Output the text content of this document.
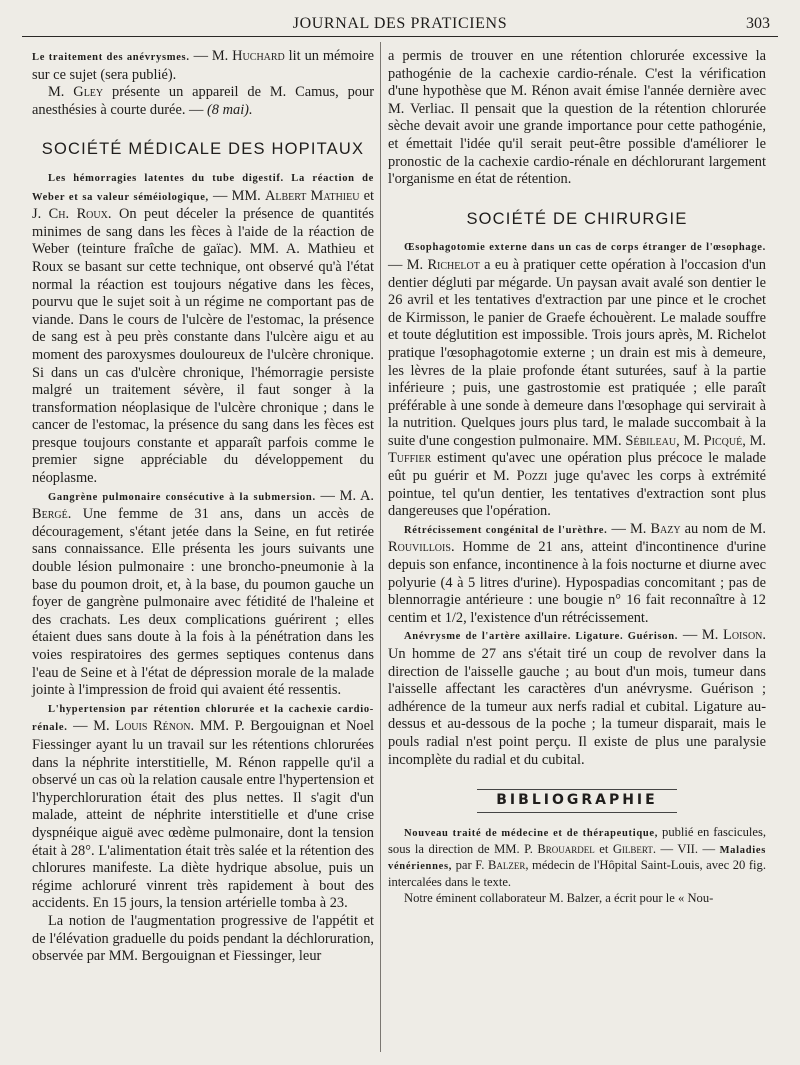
JOURNAL DES PRATICIENS	303

Le traitement des anévrysmes. — M. Huchard lit un mémoire sur ce sujet (sera publié).

M. Gley présente un appareil de M. Camus, pour anesthésies à courte durée. — (8 mai).

SOCIÉTÉ MÉDICALE DES HOPITAUX

Les hémorragies latentes du tube digestif. La réaction de Weber et sa valeur séméiologique, — MM. Albert Mathieu et J. Ch. Roux. On peut déceler la présence de quantités minimes de sang dans les fèces à l'aide de la réaction de Weber (teinture fraîche de gaïac). MM. A. Mathieu et Roux se basant sur cette technique, ont observé qu'à l'état normal la réaction est toujours négative dans les fèces, pourvu que le sujet soit à un régime ne comportant pas de viande. Dans le cours de l'ulcère de l'estomac, la présence de sang est à peu près constante dans l'ulcère aigu et au moment des paroxysmes douloureux de l'ulcère chronique. Si dans un cas d'ulcère chronique, l'hémorragie persiste malgré un traitement sévère, il faut songer à la transformation néoplasique de l'ulcère chronique ; dans le cancer de l'estomac, la présence du sang dans les fèces est presque toujours constante et apparaît parfois comme le premier signe appréciable du développement du néoplasme.

Gangrène pulmonaire consécutive à la submersion. — M. A. Bergé. Une femme de 31 ans, dans un accès de découragement, s'étant jetée dans la Seine, en fut retirée sans connaissance. Elle présenta les jours suivants une double lésion pulmonaire : une broncho-pneumonie à la base du poumon droit, et, à la base, du poumon gauche un foyer de gangrène pulmonaire avec fétidité de l'haleine et des crachats. Les deux complications guérirent ; elles étaient dues sans doute à la fois à la pénétration dans les voies respiratoires des germes septiques contenus dans l'eau de Seine et à l'état de dépression morale de la malade jointe à l'impression de froid qui avaient été ressentis.

L'hypertension par rétention chlorurée et la cachexie cardio-rénale. — M. Louis Rénon. MM. P. Bergouignan et Noel Fiessinger ayant lu un travail sur les rétentions chlorurées dans la néphrite interstitielle, M. Rénon rappelle qu'il a observé un cas où la relation causale entre l'hypertension et l'hyperchloruration était des plus nettes. Il s'agit d'un malade, atteint de néphrite interstitielle et d'une crise dyspnéique aiguë avec œdème pulmonaire, dont la tension était à 28°. L'alimentation était très salée et la rétention des chlorures manifeste. La diète hydrique absolue, puis un régime achloruré vinrent très rapidement à bout des accidents. En 15 jours, la tension artérielle tomba à 23.

La notion de l'augmentation progressive de l'appétit et de l'élévation graduelle du poids pendant la déchloruration, observée par MM. Bergouignan et Fiessinger, leur

a permis de trouver en une rétention chlorurée excessive la pathogénie de la cachexie cardio-rénale. C'est la vérification d'une hypothèse que M. Rénon avait émise l'année dernière avec M. Verliac. Il pensait que la question de la rétention chlorurée sèche devait avoir une grande importance pour cette pathogénie, et émettait l'idée qu'il serait peut-être possible d'améliorer le pronostic de la cachexie cardio-rénale en déchlorurant largement l'organisme en état de rétention.

SOCIÉTÉ DE CHIRURGIE

Œsophagotomie externe dans un cas de corps étranger de l'œsophage. — M. Richelot a eu à pratiquer cette opération à l'occasion d'un dentier dégluti par mégarde. Un paysan avait avalé son dentier le 26 avril et les tentatives d'extraction par une pince et le crochet de Kirmisson, le panier de Graefe échouèrent. Le malade souffre et toute déglutition est impossible. Trois jours après, M. Richelot pratique l'œsophagotomie externe ; un drain est mis à demeure, les lèvres de la plaie profonde étant suturées, sauf à la partie inférieure ; puis, une gastrostomie est pratiquée ; elle paraît préférable à une sonde à demeure dans l'œsophage qui servirait à la nutrition. Quelques jours plus tard, le malade succombait à la suite d'une congestion pulmonaire. MM. Sébileau, M. Picqué, M. Tuffier estiment qu'avec une opération plus précoce le malade eût pu guérir et M. Pozzi juge qu'avec les corps à extrémité pointue, tel qu'un dentier, les tentatives d'extraction sont plus dangereuses que l'opération.

Rétrécissement congénital de l'urèthre. — M. Bazy au nom de M. Rouvillois. Homme de 21 ans, atteint d'incontinence d'urine depuis son enfance, incontinence à la fois nocturne et diurne avec polyurie (4 à 5 litres d'urine). Hypospadias concomitant ; pas de blennorragie antérieure : une bougie n° 16 fait reconnaître à 12 centim et 1/2, l'existence d'un rétrécissement.

Anévrysme de l'artère axillaire. Ligature. Guérison. — M. Loison. Un homme de 27 ans s'était tiré un coup de revolver dans la direction de l'aisselle gauche ; au bout d'un mois, tumeur dans l'aisselle affectant les caractères d'un anévrysme. Guérison ; adhérence de la tumeur aux nerfs radial et cubital. Ligature au-dessus et au-dessous de la poche ; la tumeur disparait, mais le pouls radial n'est point perçu. Il existe de plus une paralysie incomplète du radial et du cubital.

BIBLIOGRAPHIE

Nouveau traité de médecine et de thérapeutique, publié en fascicules, sous la direction de MM. P. Brouardel et Gilbert. — VII. — Maladies vénériennes, par F. Balzer, médecin de l'Hôpital Saint-Louis, avec 20 fig. intercalées dans le texte.

Notre éminent collaborateur M. Balzer, a écrit pour le « Nou-
